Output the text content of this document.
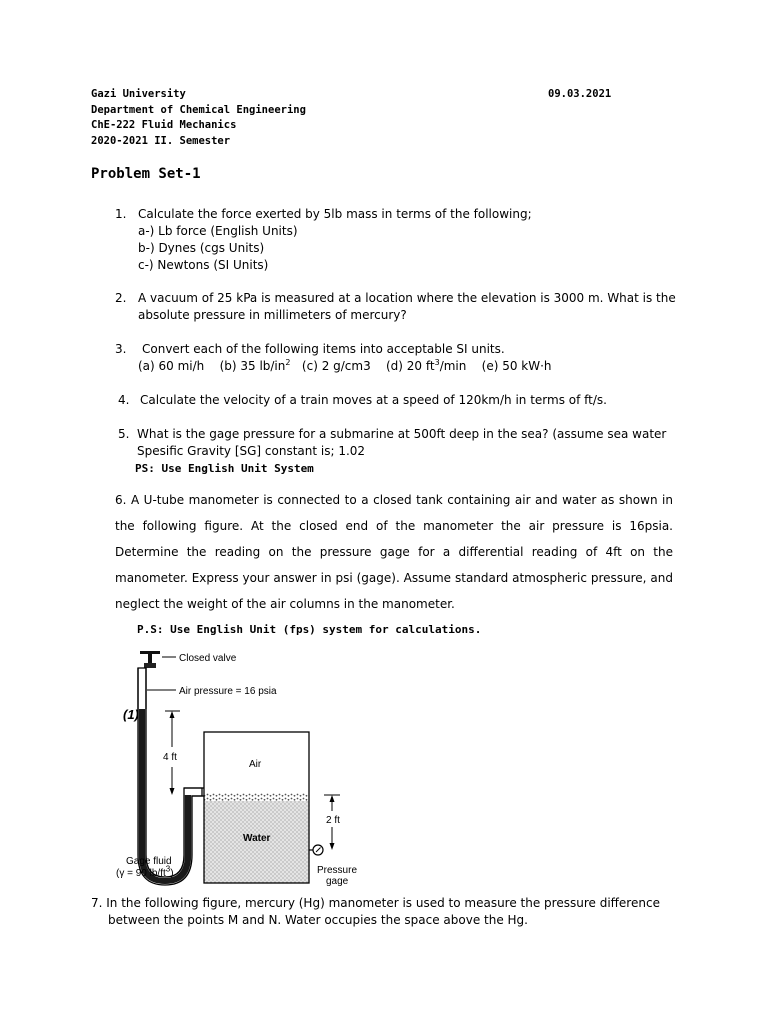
Gazi University
Department of Chemical Engineering
ChE-222 Fluid Mechanics
2020-2021 II. Semester
09.03.2021
Problem Set-1
1. Calculate the force exerted by 5lb mass in terms of the following;
a-) Lb force (English Units)
b-) Dynes (cgs Units)
c-) Newtons (SI Units)
2. A vacuum of 25 kPa is measured at a location where the elevation is 3000 m. What is the
absolute pressure in millimeters of mercury?
3. Convert each of the following items into acceptable SI units.
(a) 60 mi/h (b) 35 $lb/in^2$ (c) 2 g/cm3 (d) 20 $ft^3/\min$ (e) 50 kW·h
4. Calculate the velocity of a train moves at a speed of 120km/h in terms of ft/s.
5. What is the gage pressure for a submarine at 500ft deep in the sea? (assume sea water
Spesific Gravity [SG] constant is; 1.02
PS: Use English Unit System
6. A U-tube manometer is connected to a closed tank containing air and water as shown in the following figure. At the closed end of the manometer the air pressure is 16psia. Determine the reading on the pressure gage for a differential reading of 4ft on the manometer. Express your answer in psi (gage). Assume standard atmospheric pressure, and neglect the weight of the air columns in the manometer.
P.S: Use English Unit (fps) system for calculations.
Closed valve
Air pressure = 16 psia
(1)
4 ft
Air
Water
2 ft
Pressure
gage
Gage fluid
(γ = 90 $lb/ft^3$)
7. In the following figure, mercury (Hg) manometer is used to measure the pressure difference
between the points M and N. Water occupies the space above the Hg.
